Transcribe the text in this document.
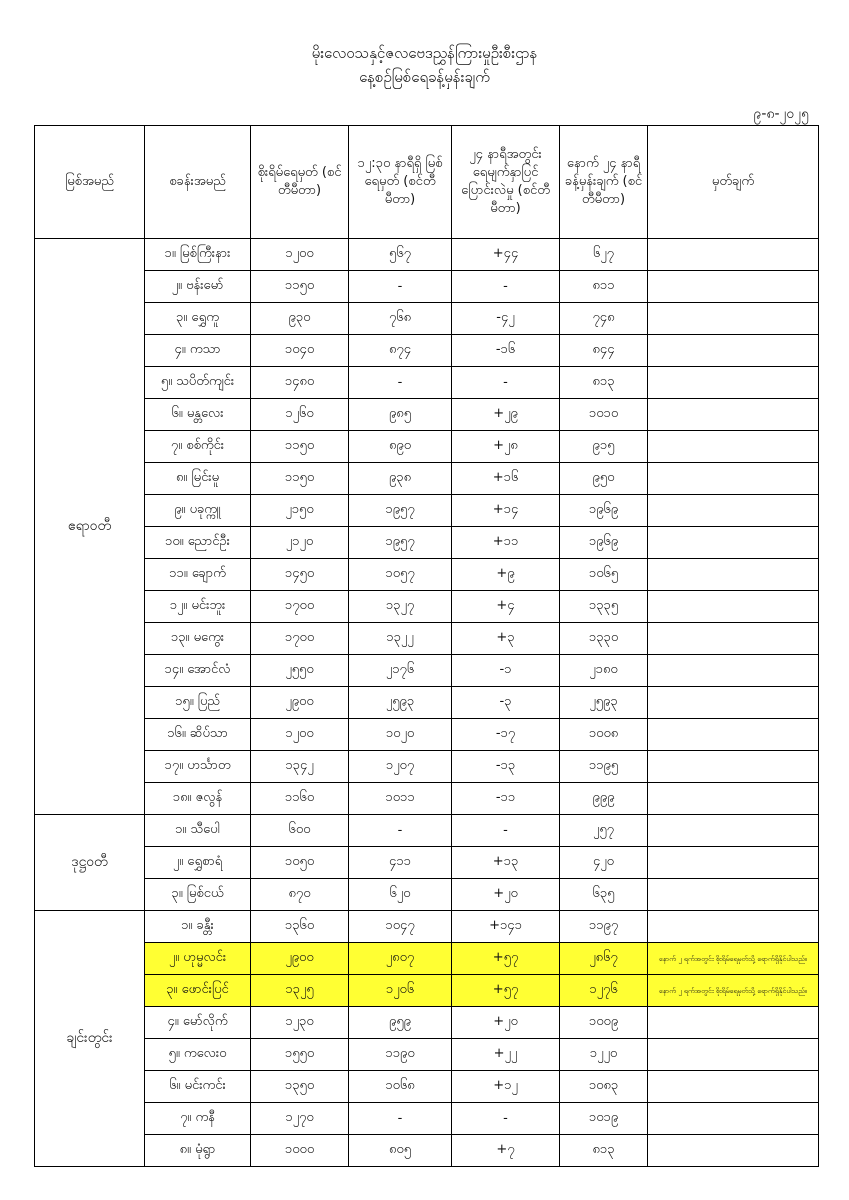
မိုးလေဝသနှင့်ဇလဗေဒညွှန်ကြားမှုဦးစီးဌာန
နေ့စဉ်မြစ်ရေခန့်မှန်းချက်
၉-၈-၂၀၂၅
မြစ်အမည်	စခန်းအမည်	စိုးရိမ်ရေမှတ် (စင်တီမီတာ)	၁၂:၃၀ နာရီရှိ မြစ်ရေမှတ် (စင်တီမီတာ)	၂၄ နာရီအတွင်း ရေမျက်နှာပြင် ပြောင်းလဲမှု (စင်တီမီတာ)	နောက် ၂၄ နာရီ ခန့်မှန်းချက် (စင်တီမီတာ)	မှတ်ချက်
ဧရာဝတီ	၁။ မြစ်ကြီးနား	၁၂၀၀	၅၆၇	+၄၄	၆၂၇	
	၂။ ဗန်းမော်	၁၁၅၀	-	-	၈၁၁	
	၃။ ရွှေကူ	၉၃၀	၇၆၈	-၄၂	၇၄၈	
	၄။ ကသာ	၁၀၄၀	၈၇၄	-၁၆	၈၄၄	
	၅။ သပိတ်ကျင်း	၁၄၈၀	-	-	၈၁၃	
	၆။ မန္တလေး	၁၂၆၀	၉၈၅	+၂၉	၁၀၁၀	
	၇။ စစ်ကိုင်း	၁၁၅၀	၈၉၀	+၂၈	၉၁၅	
	၈။ မြင်းမူ	၁၁၅၀	၉၃၈	+၁၆	၉၅၀	
	၉။ ပခုက္ကူ	၂၁၅၀	၁၉၅၇	+၁၄	၁၉၆၉	
	၁၀။ ညောင်ဦး	၂၁၂၀	၁၉၅၇	+၁၁	၁၉၆၉	
	၁၁။ ချောက်	၁၄၅၀	၁၀၅၇	+၉	၁၀၆၅	
	၁၂။ မင်းဘူး	၁၇၀၀	၁၃၂၇	+၄	၁၃၃၅	
	၁၃။ မကွေး	၁၇၀၀	၁၃၂၂	+၃	၁၃၃၀	
	၁၄။ အောင်လံ	၂၅၅၀	၂၁၇၆	-၁	၂၁၈၀	
	၁၅။ ပြည်	၂၉၀၀	၂၅၉၃	-၃	၂၅၉၃	
	၁၆။ ဆိပ်သာ	၁၂၀၀	၁၀၂၀	-၁၇	၁၀၀၈	
	၁၇။ ဟင်္သာတ	၁၃၄၂	၁၂၀၇	-၁၃	၁၁၉၅	
	၁၈။ ဇလွန်	၁၁၆၀	၁၀၁၁	-၁၁	၉၉၉	
ဒုဋ္ဌဝတီ	၁။ သီပေါ	၆၀၀	-	-	၂၅၇	
	၂။ ရွှေစာရံ	၁၀၅၀	၄၁၁	+၁၃	၄၂၀	
	၃။ မြစ်ငယ်	၈၇၀	၆၂၀	+၂၀	၆၃၅	
ချင်းတွင်း	၁။ ခန္တီး	၁၃၆၀	၁၀၄၇	+၁၄၁	၁၁၉၇	
	၂။ ဟုမ္မလင်း	၂၉၀၀	၂၈၀၇	+၅၇	၂၈၆၇	နောက် ၂ ရက်အတွင်း စိုးရိမ်ရေမှတ်သို့ ရောက်ရှိနိုင်ပါသည်။
	၃။ ဖောင်းပြင်	၁၃၂၅	၁၂၀၆	+၅၇	၁၂၇၆	နောက် ၂ ရက်အတွင်း စိုးရိမ်ရေမှတ်သို့ ရောက်ရှိနိုင်ပါသည်။
	၄။ မော်လိုက်	၁၂၃၀	၉၅၉	+၂၀	၁၀၀၉	
	၅။ ကလေးဝ	၁၅၅၀	၁၁၉၀	+၂၂	၁၂၂၀	
	၆။ မင်းကင်း	၁၃၅၀	၁၀၆၈	+၁၂	၁၀၈၃	
	၇။ ကနီ	၁၂၇၀	-	-	၁၀၁၉	
	၈။ မုံရွာ	၁၀၀၀	၈၀၅	+၇	၈၁၃	
